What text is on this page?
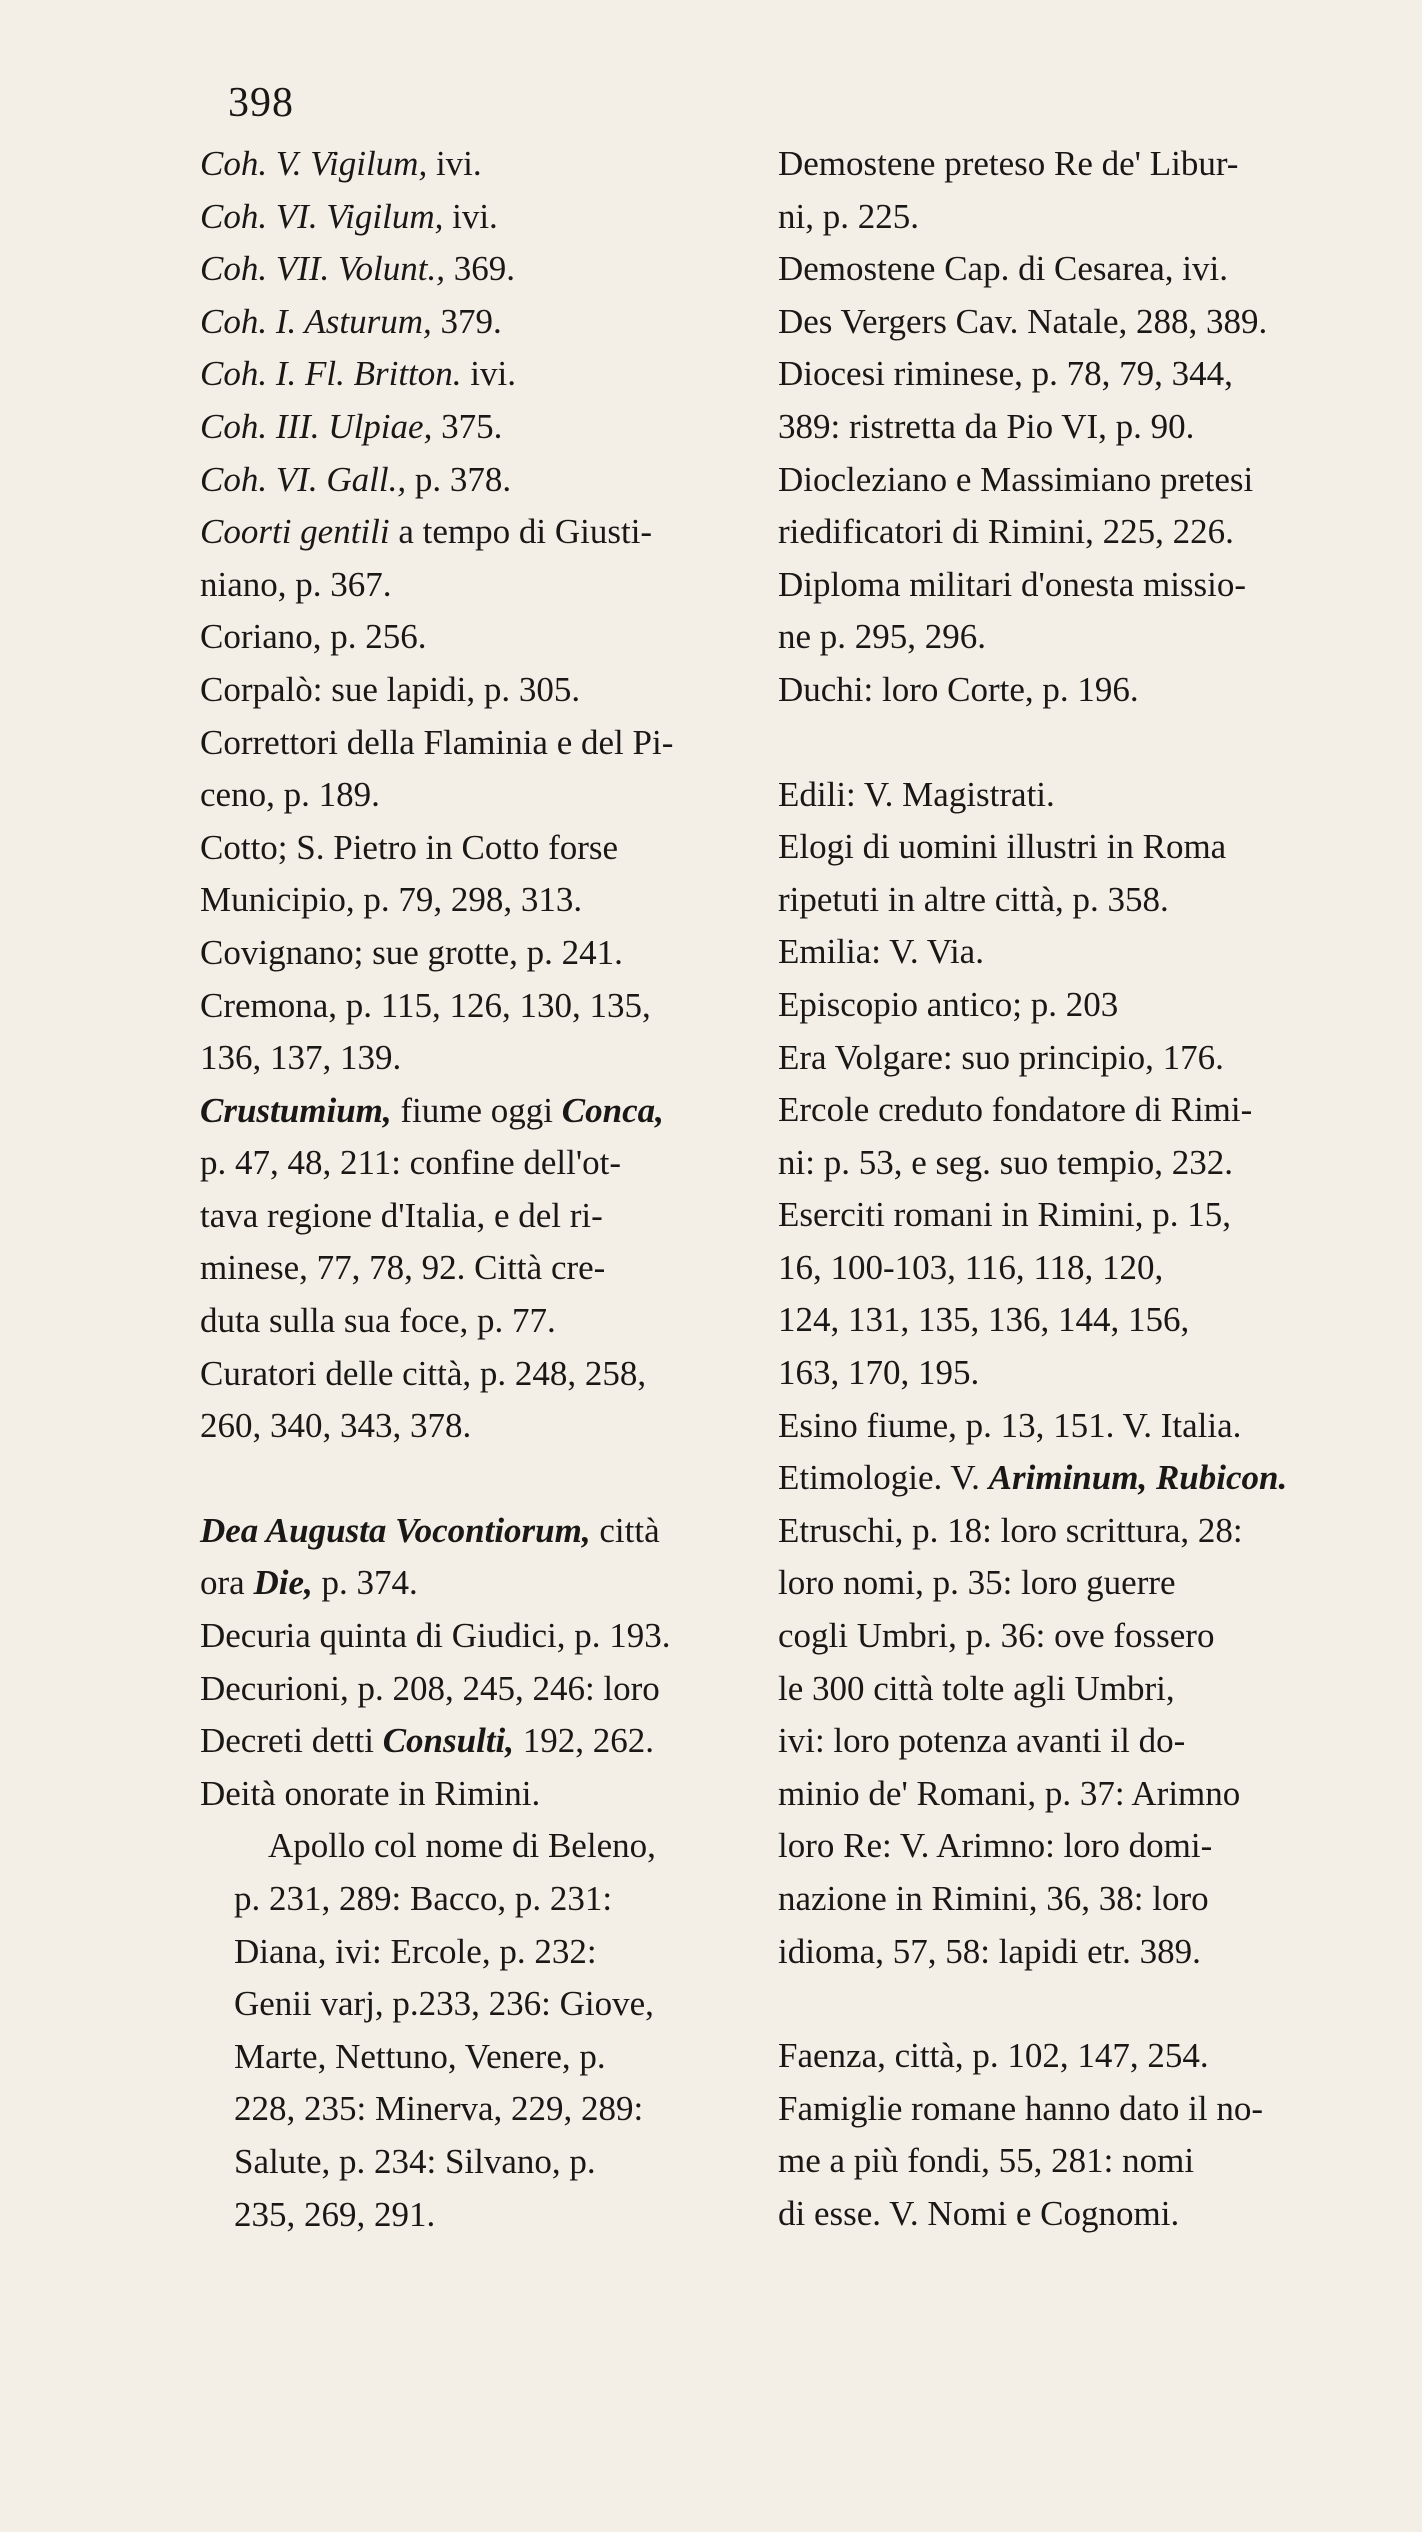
398
Coh. V. Vigilum, ivi.
Coh. VI. Vigilum, ivi.
Coh. VII. Volunt., 369.
Coh. I. Asturum, 379.
Coh. I. Fl. Britton. ivi.
Coh. III. Ulpiae, 375.
Coh. VI. Gall., p. 378.
Coorti gentili a tempo di Giusti-
niano, p. 367.
Coriano, p. 256.
Corpalò: sue lapidi, p. 305.
Correttori della Flaminia e del Pi-
ceno, p. 189.
Cotto; S. Pietro in Cotto forse
Municipio, p. 79, 298, 313.
Covignano; sue grotte, p. 241.
Cremona, p. 115, 126, 130, 135,
136, 137, 139.
Crustumium, fiume oggi Conca,
p. 47, 48, 211: confine dell'ot-
tava regione d'Italia, e del ri-
minese, 77, 78, 92. Città cre-
duta sulla sua foce, p. 77.
Curatori delle città, p. 248, 258,
260, 340, 343, 378.
Dea Augusta Vocontiorum, città
ora Die, p. 374.
Decuria quinta di Giudici, p. 193.
Decurioni, p. 208, 245, 246: loro
Decreti detti Consulti, 192, 262.
Deità onorate in Rimini.
Apollo col nome di Beleno,
p. 231, 289: Bacco, p. 231:
Diana, ivi: Ercole, p. 232:
Genii varj, p.233, 236: Giove,
Marte, Nettuno, Venere, p.
228, 235: Minerva, 229, 289:
Salute, p. 234: Silvano, p.
235, 269, 291.
Demostene preteso Re de' Libur-
ni, p. 225.
Demostene Cap. di Cesarea, ivi.
Des Vergers Cav. Natale, 288, 389.
Diocesi riminese, p. 78, 79, 344,
389: ristretta da Pio VI, p. 90.
Diocleziano e Massimiano pretesi
riedificatori di Rimini, 225, 226.
Diploma militari d'onesta missio-
ne p. 295, 296.
Duchi: loro Corte, p. 196.
Edili: V. Magistrati.
Elogi di uomini illustri in Roma
ripetuti in altre città, p. 358.
Emilia: V. Via.
Episcopio antico; p. 203
Era Volgare: suo principio, 176.
Ercole creduto fondatore di Rimi-
ni: p. 53, e seg. suo tempio, 232.
Eserciti romani in Rimini, p. 15,
16, 100-103, 116, 118, 120,
124, 131, 135, 136, 144, 156,
163, 170, 195.
Esino fiume, p. 13, 151. V. Italia.
Etimologie. V. Ariminum, Rubicon.
Etruschi, p. 18: loro scrittura, 28:
loro nomi, p. 35: loro guerre
cogli Umbri, p. 36: ove fossero
le 300 città tolte agli Umbri,
ivi: loro potenza avanti il do-
minio de' Romani, p. 37: Arimno
loro Re: V. Arimno: loro domi-
nazione in Rimini, 36, 38: loro
idioma, 57, 58: lapidi etr. 389.
Faenza, città, p. 102, 147, 254.
Famiglie romane hanno dato il no-
me a più fondi, 55, 281: nomi
di esse. V. Nomi e Cognomi.
